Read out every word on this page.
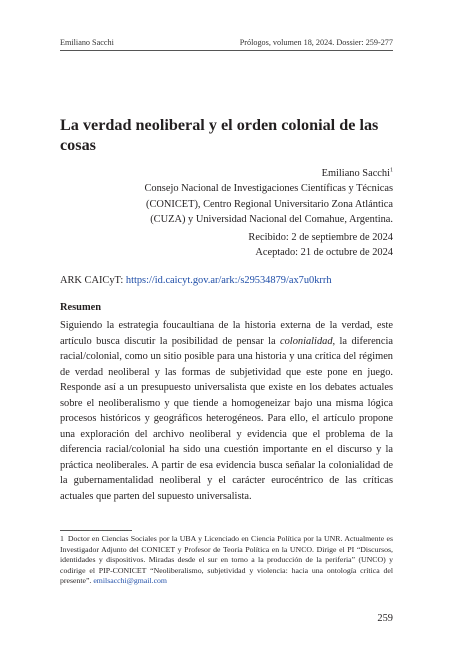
Emiliano Sacchi	Prólogos, volumen 18, 2024. Dossier: 259-277
La verdad neoliberal y el orden colonial de las cosas
Emiliano Sacchi$^1$
Consejo Nacional de Investigaciones Científicas y Técnicas
(CONICET), Centro Regional Universitario Zona Atlántica
(CUZA) y Universidad Nacional del Comahue, Argentina.
Recibido: 2 de septiembre de 2024
Aceptado: 21 de octubre de 2024
ARK CAICyT: https://id.caicyt.gov.ar/ark:/s29534879/ax7u0krrh
Resumen

Siguiendo la estrategia foucaultiana de la historia externa de la verdad, este artículo busca discutir la posibilidad de pensar la colonialidad, la diferencia racial/colonial, como un sitio posible para una historia y una crítica del régimen de verdad neoliberal y las formas de subjetividad que este pone en juego. Responde así a un presupuesto universalista que existe en los debates actuales sobre el neoliberalismo y que tiende a homogeneizar bajo una misma lógica procesos históricos y geográficos heterogéneos. Para ello, el artículo propone una exploración del archivo neoliberal y evidencia que el problema de la diferencia racial/colonial ha sido una cuestión importante en el discurso y la práctica neoliberales. A partir de esa evidencia busca señalar la colonialidad de la gubernamentalidad neoliberal y el carácter eurocéntrico de las críticas actuales que parten del supuesto universalista.

1 Doctor en Ciencias Sociales por la UBA y Licenciado en Ciencia Política por la UNR. Actualmente es Investigador Adjunto del CONICET y Profesor de Teoría Política en la UNCO. Dirige el PI “Discursos, identidades y dispositivos. Miradas desde el sur en torno a la producción de la periferia” (UNCO) y codirige el PIP-CONICET “Neoliberalismo, subjetividad y violencia: hacia una ontología crítica del presente”. emilsacchi@gmail.com

259
